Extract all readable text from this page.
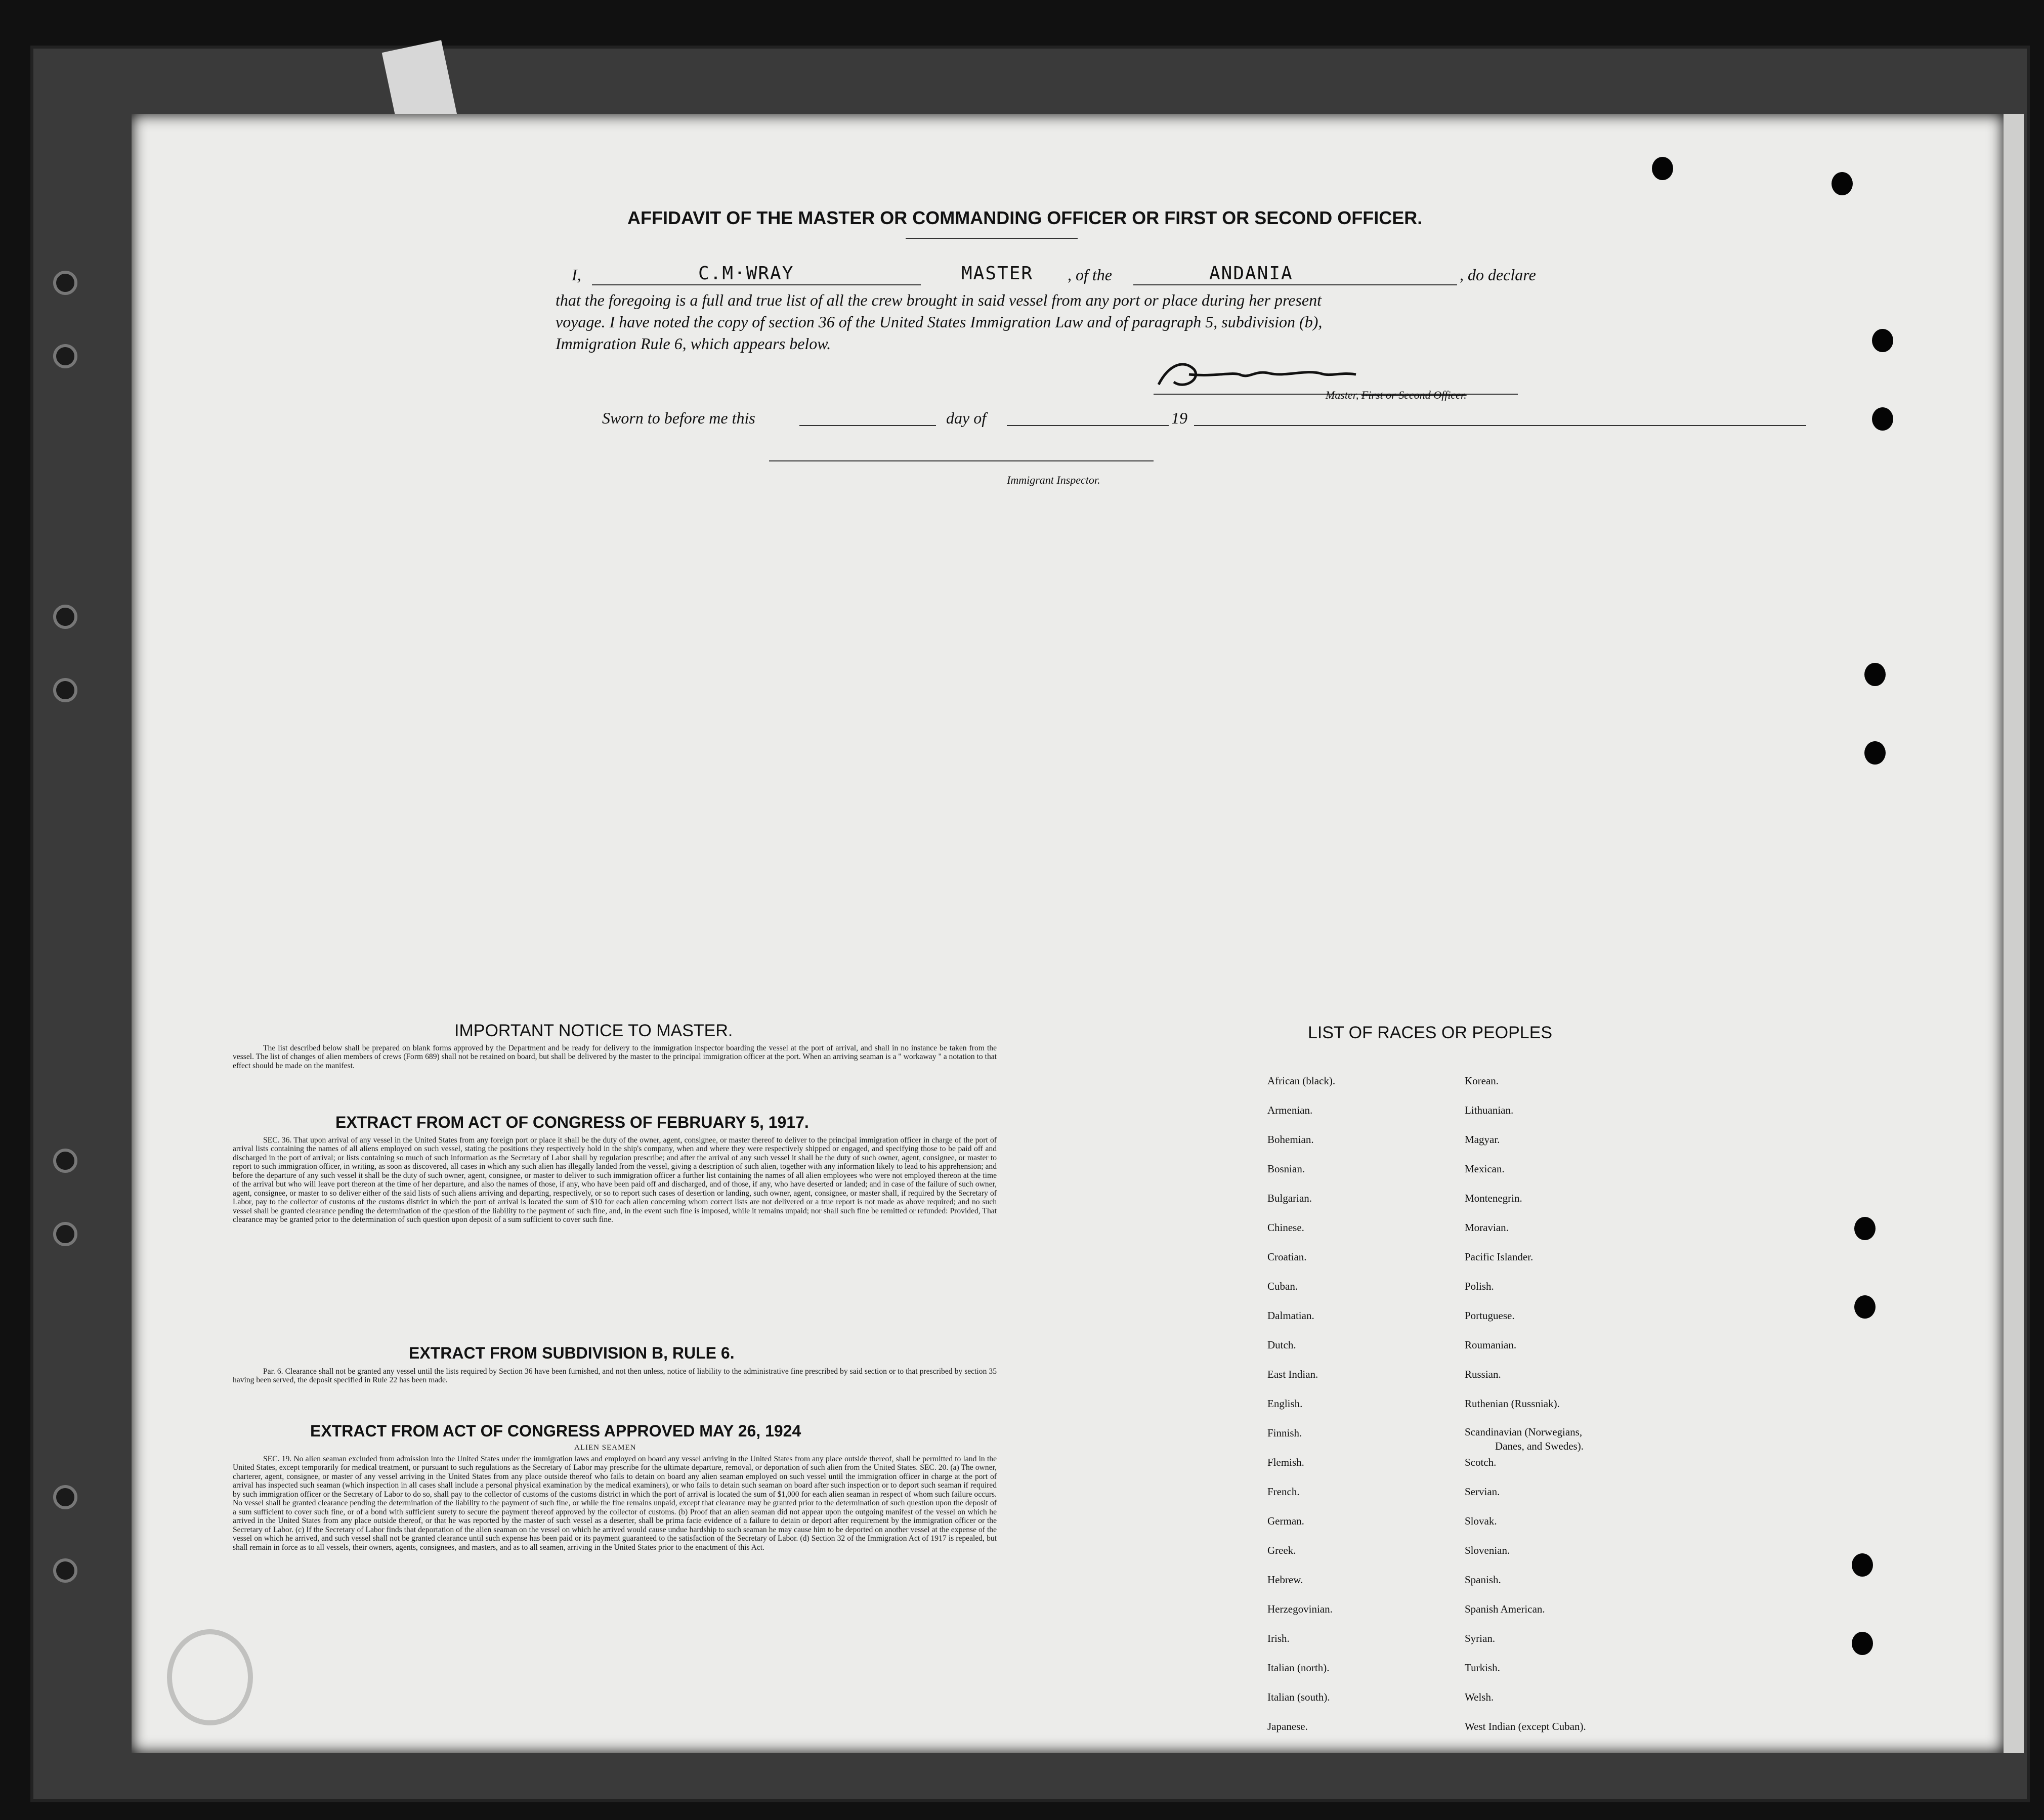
AFFIDAVIT OF THE MASTER OR COMMANDING OFFICER OR FIRST OR SECOND OFFICER.
I,	C.M·WRAY	MASTER , of the	ANDANIA	, do declare
that the foregoing is a full and true list of all the crew brought in said vessel from any port or place during her present
voyage. I have noted the copy of section 36 of the United States Immigration Law and of paragraph 5, subdivision (b),
Immigration Rule 6, which appears below.
Master, First or Second Officer.
Sworn to before me this	day of	19
Immigrant Inspector.
IMPORTANT NOTICE TO MASTER.
The list described below shall be prepared on blank forms approved by the Department and be ready for delivery to the immigration inspector boarding the vessel at the port of arrival, and shall in no instance be taken from the vessel. The list of changes of alien members of crews (Form 689) shall not be retained on board, but shall be delivered by the master to the principal immigration officer at the port. When an arriving seaman is a " workaway " a notation to that effect should be made on the manifest.
EXTRACT FROM ACT OF CONGRESS OF FEBRUARY 5, 1917.
SEC. 36. That upon arrival of any vessel in the United States from any foreign port or place it shall be the duty of the owner, agent, consignee, or master thereof to deliver to the principal immigration officer in charge of the port of arrival lists containing the names of all aliens employed on such vessel, stating the positions they respectively hold in the ship's company, when and where they were respectively shipped or engaged, and specifying those to be paid off and discharged in the port of arrival; or lists containing so much of such information as the Secretary of Labor shall by regulation prescribe; and after the arrival of any such vessel it shall be the duty of such owner, agent, consignee, or master to report to such immigration officer, in writing, as soon as discovered, all cases in which any such alien has illegally landed from the vessel, giving a description of such alien, together with any information likely to lead to his apprehension; and before the departure of any such vessel it shall be the duty of such owner, agent, consignee, or master to deliver to such immigration officer a further list containing the names of all alien employees who were not employed thereon at the time of the arrival but who will leave port thereon at the time of her departure, and also the names of those, if any, who have been paid off and discharged, and of those, if any, who have deserted or landed; and in case of the failure of such owner, agent, consignee, or master to so deliver either of the said lists of such aliens arriving and departing, respectively, or so to report such cases of desertion or landing, such owner, agent, consignee, or master shall, if required by the Secretary of Labor, pay to the collector of customs of the customs district in which the port of arrival is located the sum of $10 for each alien concerning whom correct lists are not delivered or a true report is not made as above required; and no such vessel shall be granted clearance pending the determination of the question of the liability to the payment of such fine, and, in the event such fine is imposed, while it remains unpaid; nor shall such fine be remitted or refunded: Provided, That clearance may be granted prior to the determination of such question upon deposit of a sum sufficient to cover such fine.
EXTRACT FROM SUBDIVISION B, RULE 6.
Par. 6. Clearance shall not be granted any vessel until the lists required by Section 36 have been furnished, and not then unless, notice of liability to the administrative fine prescribed by said section or to that prescribed by section 35 having been served, the deposit specified in Rule 22 has been made.
EXTRACT FROM ACT OF CONGRESS APPROVED MAY 26, 1924
ALIEN SEAMEN
SEC. 19. No alien seaman excluded from admission into the United States under the immigration laws and employed on board any vessel arriving in the United States from any place outside thereof, shall be permitted to land in the United States, except temporarily for medical treatment, or pursuant to such regulations as the Secretary of Labor may prescribe for the ultimate departure, removal, or deportation of such alien from the United States. SEC. 20. (a) The owner, charterer, agent, consignee, or master of any vessel arriving in the United States from any place outside thereof who fails to detain on board any alien seaman employed on such vessel until the immigration officer in charge at the port of arrival has inspected such seaman (which inspection in all cases shall include a personal physical examination by the medical examiners), or who fails to detain such seaman on board after such inspection or to deport such seaman if required by such immigration officer or the Secretary of Labor to do so, shall pay to the collector of customs of the customs district in which the port of arrival is located the sum of $1,000 for each alien seaman in respect of whom such failure occurs. No vessel shall be granted clearance pending the determination of the liability to the payment of such fine, or while the fine remains unpaid, except that clearance may be granted prior to the determination of such question upon the deposit of a sum sufficient to cover such fine, or of a bond with sufficient surety to secure the payment thereof approved by the collector of customs. (b) Proof that an alien seaman did not appear upon the outgoing manifest of the vessel on which he arrived in the United States from any place outside thereof, or that he was reported by the master of such vessel as a deserter, shall be prima facie evidence of a failure to detain or deport after requirement by the immigration officer or the Secretary of Labor. (c) If the Secretary of Labor finds that deportation of the alien seaman on the vessel on which he arrived would cause undue hardship to such seaman he may cause him to be deported on another vessel at the expense of the vessel on which he arrived, and such vessel shall not be granted clearance until such expense has been paid or its payment guaranteed to the satisfaction of the Secretary of Labor. (d) Section 32 of the Immigration Act of 1917 is repealed, but shall remain in force as to all vessels, their owners, agents, consignees, and masters, and as to all seamen, arriving in the United States prior to the enactment of this Act.
LIST OF RACES OR PEOPLES
African (black).
Armenian.
Bohemian.
Bosnian.
Bulgarian.
Chinese.
Croatian.
Cuban.
Dalmatian.
Dutch.
East Indian.
English.
Finnish.
Flemish.
French.
German.
Greek.
Hebrew.
Herzegovinian.
Irish.
Italian (north).
Italian (south).
Japanese.
Korean.
Lithuanian.
Magyar.
Mexican.
Montenegrin.
Moravian.
Pacific Islander.
Polish.
Portuguese.
Roumanian.
Russian.
Ruthenian (Russniak).
Scandinavian (Norwegians,
Danes, and Swedes).
Scotch.
Servian.
Slovak.
Slovenian.
Spanish.
Spanish American.
Syrian.
Turkish.
Welsh.
West Indian (except Cuban).
